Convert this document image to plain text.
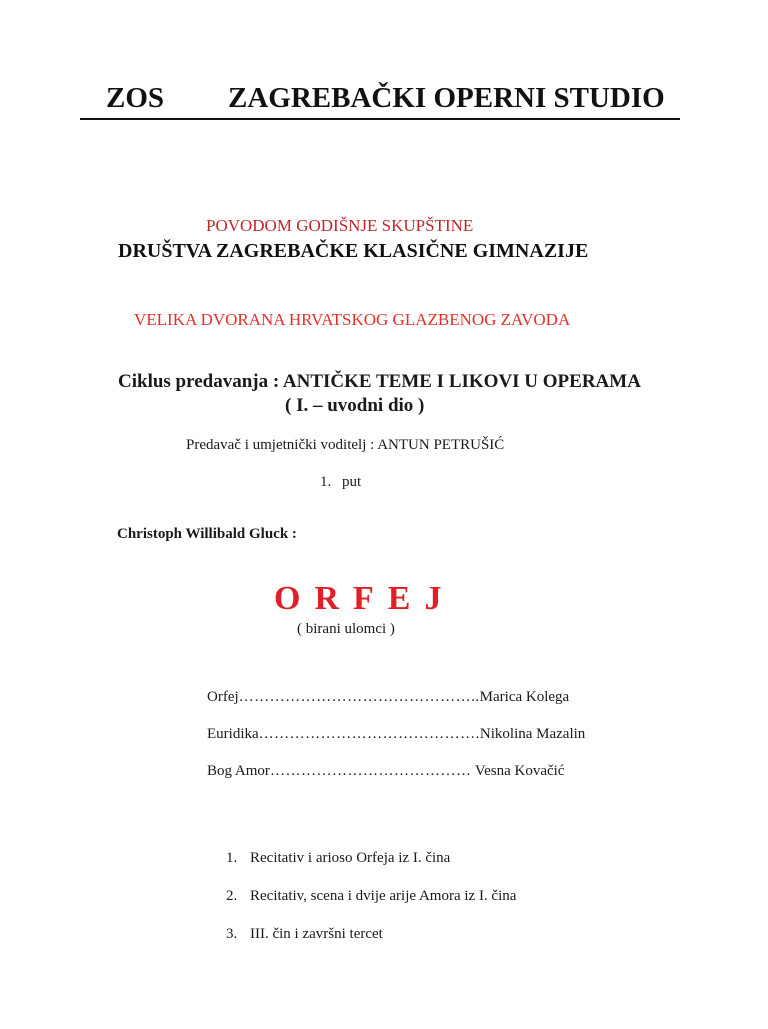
ZOS ZAGREBAČKI OPERNI STUDIO
POVODOM GODIŠNJE SKUPŠTINE
DRUŠTVA ZAGREBAČKE KLASIČNE GIMNAZIJE
VELIKA DVORANA HRVATSKOG GLAZBENOG ZAVODA
Ciklus predavanja : ANTIČKE TEME I LIKOVI U OPERAMA
( I. – uvodni dio )
Predavač i umjetnički voditelj : ANTUN PETRUŠIĆ
1. put
Christoph Willibald Gluck :
ORFEJ
( birani ulomci )
Orfej………………………………………..Marica Kolega
Euridika…………………………………….Nikolina Mazalin
Bog Amor………………………………… Vesna Kovačić
1. Recitativ i arioso Orfeja iz I. čina
2. Recitativ, scena i dvije arije Amora iz I. čina
3. III. čin i završni tercet
